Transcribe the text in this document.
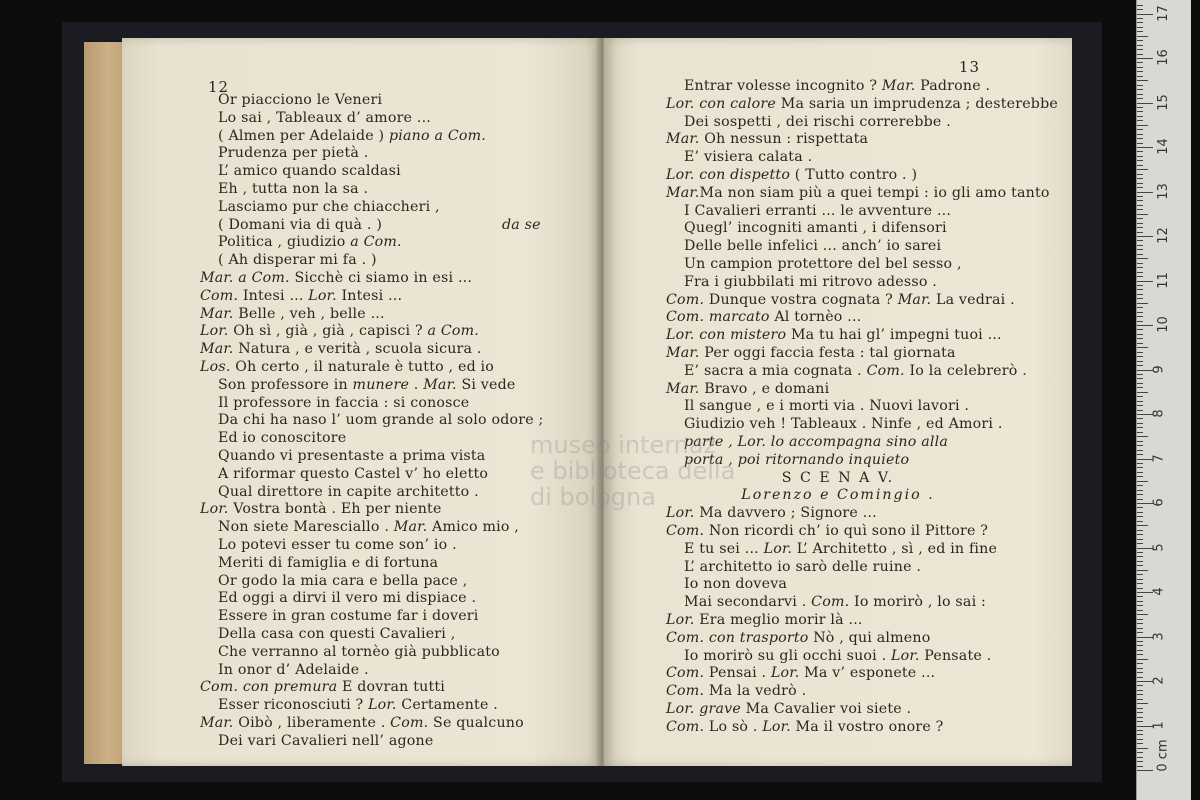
12
Or piacciono le Veneri
Lo sai , Tableaux d’ amore ...
( Almen per Adelaide ) piano a Com.
Prudenza per pietà .
L’ amico quando scaldasi
Eh , tutta non la sa .
Lasciamo pur che chiaccheri ,
( Domani via di quà . )	da se
Politica , giudizio a Com.
( Ah disperar mi fa . )
Mar. a Com. Sicchè ci siamo in esi ...
Com. Intesi ... Lor. Intesi ...
Mar. Belle , veh , belle ...
Lor. Oh sì , già , già , capisci ? a Com.
Mar. Natura , e verità , scuola sicura .
Los. Oh certo , il naturale è tutto , ed io
Son professore in munere . Mar. Si vede
Il professore in faccia : si conosce
Da chi ha naso l’ uom grande al solo odore ;
Ed io conoscitore
Quando vi presentaste a prima vista
A riformar questo Castel v’ ho eletto
Qual direttore in capite architetto .
Lor. Vostra bontà . Eh per niente
Non siete Maresciallo . Mar. Amico mio ,
Lo potevi esser tu come son’ io .
Meriti di famiglia e di fortuna
Or godo la mia cara e bella pace ,
Ed oggi a dirvi il vero mi dispiace .
Essere in gran costume far i doveri
Della casa con questi Cavalieri ,
Che verranno al tornèo già pubblicato
In onor d’ Adelaide .
Com. con premura E dovran tutti
Esser riconosciuti ? Lor. Certamente .
Mar. Oibò , liberamente . Com. Se qualcuno
Dei vari Cavalieri nell’ agone
13
Entrar volesse incognito ? Mar. Padrone .
Lor. con calore Ma saria un imprudenza ; desterebbe
Dei sospetti , dei rischi correrebbe .
Mar. Oh nessun : rispettata
E’ visiera calata .
Lor. con dispetto ( Tutto contro . )
Mar.Ma non siam più a quei tempi : io gli amo tanto
I Cavalieri erranti ... le avventure ...
Quegl’ incogniti amanti , i difensori
Delle belle infelici ... anch’ io sarei
Un campion protettore del bel sesso ,
Fra i giubbilati mi ritrovo adesso .
Com. Dunque vostra cognata ? Mar. La vedrai .
Com. marcato Al tornèo ...
Lor. con mistero Ma tu hai gl’ impegni tuoi ...
Mar. Per oggi faccia festa : tal giornata
E’ sacra a mia cognata . Com. Io la celebrerò .
Mar. Bravo , e domani
Il sangue , e i morti via . Nuovi lavori .
Giudizio veh ! Tableaux . Ninfe , ed Amori .
parte , Lor. lo accompagna sino alla
porta , poi ritornando inquieto
S C E N A V.
Lorenzo e Comingio .
Lor. Ma davvero ; Signore ...
Com. Non ricordi ch’ io quì sono il Pittore ?
E tu sei ... Lor. L’ Architetto , sì , ed in fine
L’ architetto io sarò delle ruine .
Io non doveva
Mai secondarvi . Com. Io morirò , lo sai :
Lor. Era meglio morir là ...
Com. con trasporto Nò , qui almeno
Io morirò su gli occhi suoi . Lor. Pensate .
Com. Pensai . Lor. Ma v’ esponete ...
Com. Ma la vedrò .
Lor. grave Ma Cavalier voi siete .
Com. Lo sò . Lor. Ma il vostro onore ?
museo internaz
e biblioteca della
di bologna
17
16
15
14
13
12
11
10
9
8
7
6
5
4
3
2
1
0 cm
